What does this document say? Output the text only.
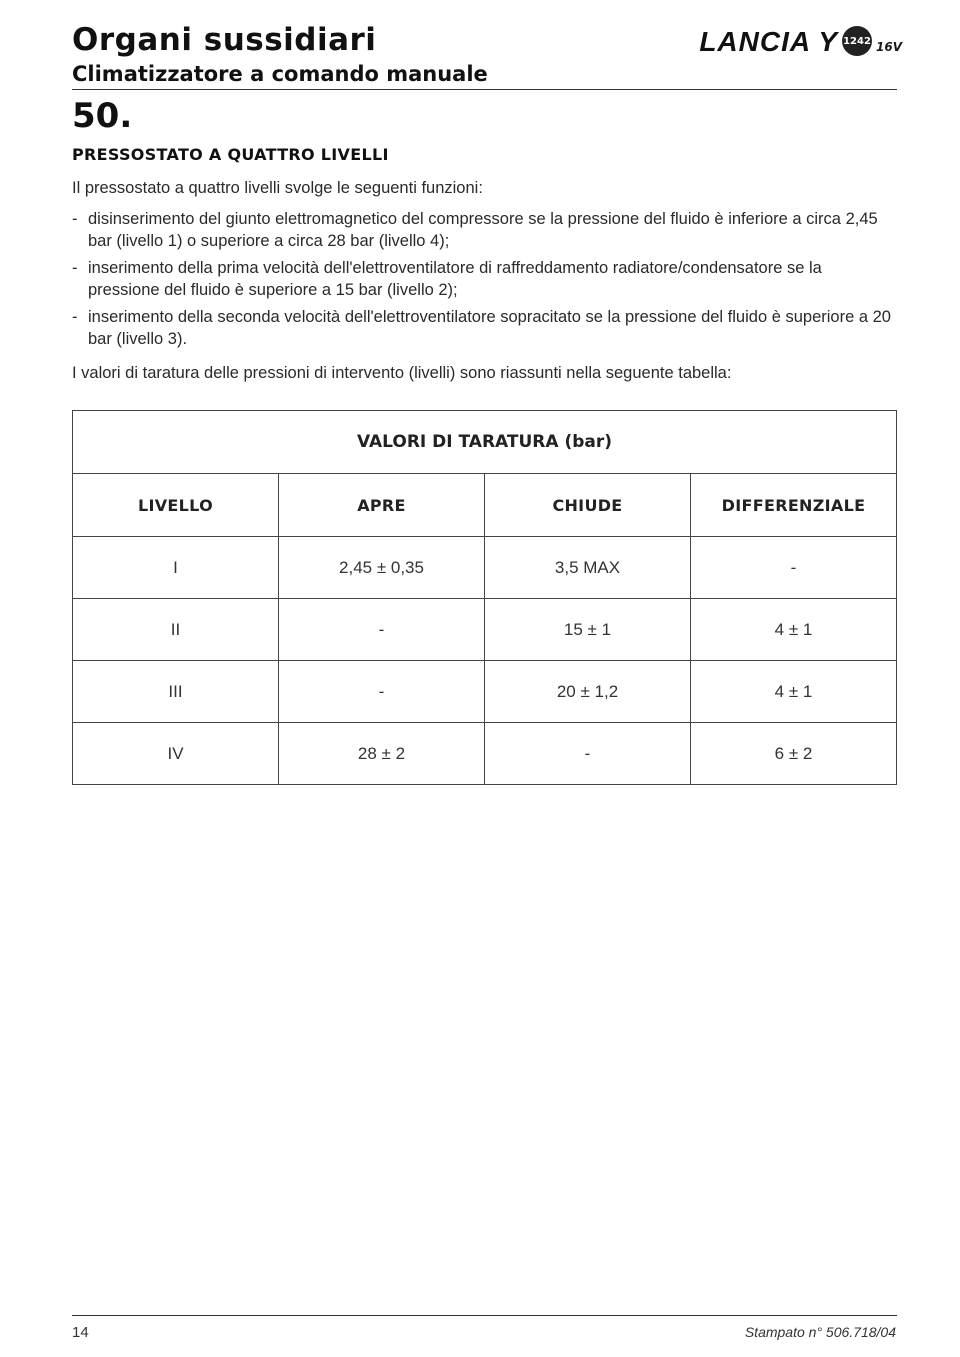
Organi sussidiari
Climatizzatore a comando manuale
LANCIA Y 1242 16V
50.
PRESSOSTATO A QUATTRO LIVELLI
Il pressostato a quattro livelli svolge le seguenti funzioni:
- disinserimento del giunto elettromagnetico del compressore se la pressione del fluido è inferiore a circa 2,45 bar (livello 1) o superiore a circa 28 bar (livello 4);
- inserimento della prima velocità dell'elettroventilatore di raffreddamento radiatore/condensatore se la pressione del fluido è superiore a 15 bar (livello 2);
- inserimento della seconda velocità dell'elettroventilatore sopracitato se la pressione del fluido è superiore a 20 bar (livello 3).
I valori di taratura delle pressioni di intervento (livelli) sono riassunti nella seguente tabella:
VALORI DI TARATURA (bar)			
LIVELLO	APRE	CHIUDE	DIFFERENZIALE
I	2,45 ± 0,35	3,5 MAX	-
II	-	15 ± 1	4 ± 1
III	-	20 ± 1,2	4 ± 1
IV	28 ± 2	-	6 ± 2
14	Stampato n° 506.718/04
